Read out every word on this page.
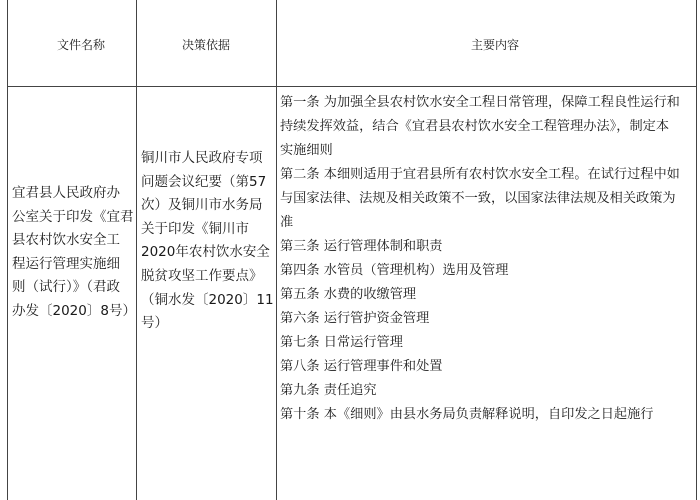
文件名称	决策依据	主要内容
宜君县人民政府办
公室关于印发《宜君
县农村饮水安全工
程运行管理实施细
则（试行）》（君政
办发〔2020〕8号）
铜川市人民政府专项
问题会议纪要（第57
次）及铜川市水务局
关于印发《铜川市
2020年农村饮水安全
脱贫攻坚工作要点》
（铜水发〔2020〕11
号）
第一条 为加强全县农村饮水安全工程日常管理，保障工程良性运行和
持续发挥效益，结合《宜君县农村饮水安全工程管理办法》，制定本
实施细则
第二条 本细则适用于宜君县所有农村饮水安全工程。在试行过程中如
与国家法律、法规及相关政策不一致，以国家法律法规及相关政策为
准
第三条 运行管理体制和职责
第四条 水管员（管理机构）选用及管理
第五条 水费的收缴管理
第六条 运行管护资金管理
第七条 日常运行管理
第八条 运行管理事件和处置
第九条 责任追究
第十条 本《细则》由县水务局负责解释说明，自印发之日起施行
